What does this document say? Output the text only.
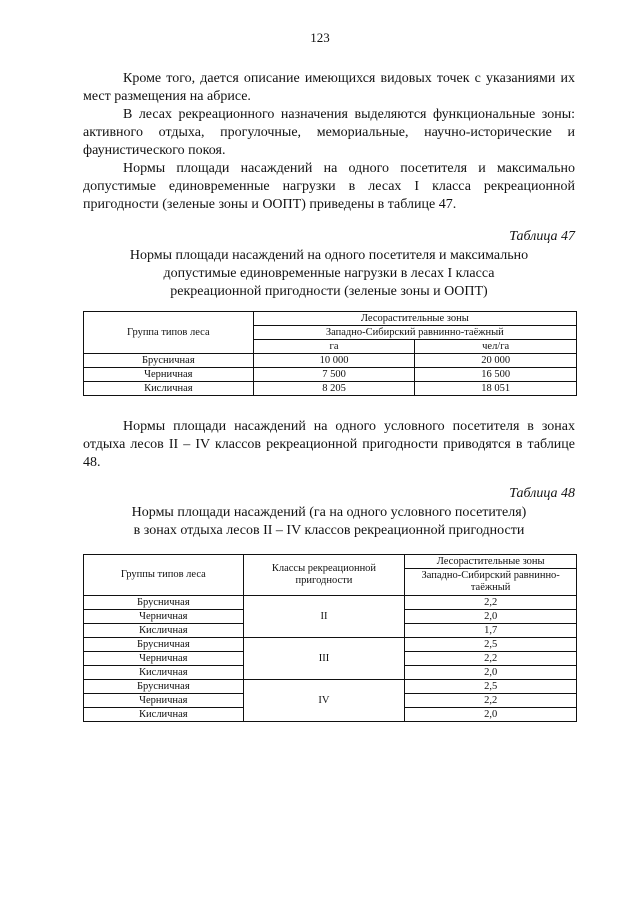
123

Кроме того, дается описание имеющихся видовых точек с указаниями их мест размещения на абрисе.

В лесах рекреационного назначения выделяются функциональные зоны: активного отдыха, прогулочные, мемориальные, научно-исторические и фаунистического покоя.

Нормы площади насаждений на одного посетителя и максимально допустимые единовременные нагрузки в лесах I класса рекреационной пригодности (зеленые зоны и ООПТ) приведены в таблице 47.

Таблица 47
Нормы площади насаждений на одного посетителя и максимально
допустимые единовременные нагрузки в лесах I класса
рекреационной пригодности (зеленые зоны и ООПТ)
Группа типов леса	Лесорастительные зоны	
	Западно-Сибирский равнинно-таёжный	
	га	чел/га
Брусничная	10 000	20 000
Черничная	7 500	16 500
Кисличная	8 205	18 051

Нормы площади насаждений на одного условного посетителя в зонах отдыха лесов II – IV классов рекреационной пригодности приводятся в таблице 48.

Таблица 48
Нормы площади насаждений (га на одного условного посетителя)
в зонах отдыха лесов II – IV классов рекреационной пригодности
Группы типов леса	Классы рекреационной пригодности	Лесорастительные зоны
		Западно-Сибирский равнинно-таёжный
Брусничная	II	2,2
Черничная		2,0
Кисличная		1,7
Брусничная	III	2,5
Черничная		2,2
Кисличная		2,0
Брусничная	IV	2,5
Черничная		2,2
Кисличная		2,0
